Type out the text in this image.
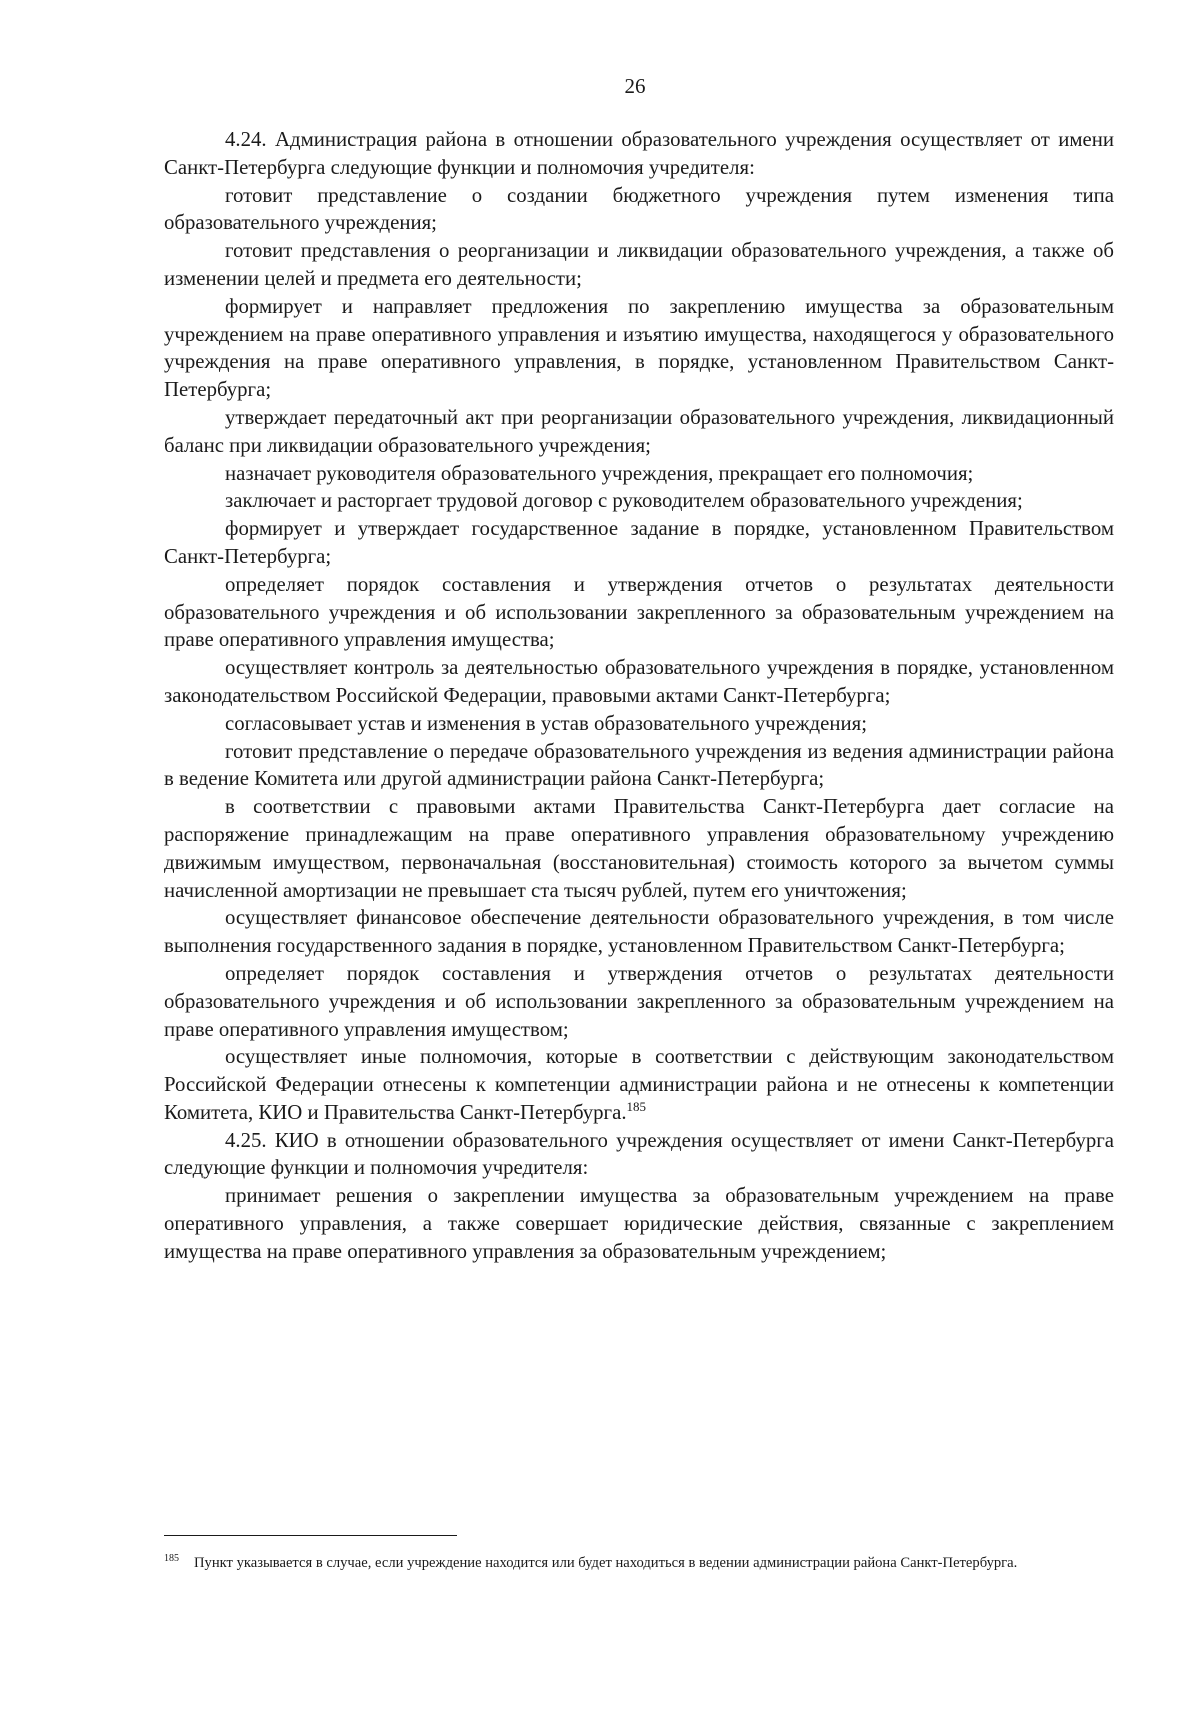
26

4.24. Администрация района в отношении образовательного учреждения осуществляет от имени Санкт-Петербурга следующие функции и полномочия учредителя:

готовит представление о создании бюджетного учреждения путем изменения типа образовательного учреждения;

готовит представления о реорганизации и ликвидации образовательного учреждения, а также об изменении целей и предмета его деятельности;

формирует и направляет предложения по закреплению имущества за образовательным учреждением на праве оперативного управления и изъятию имущества, находящегося у образовательного учреждения на праве оперативного управления, в порядке, установленном Правительством Санкт-Петербурга;

утверждает передаточный акт при реорганизации образовательного учреждения, ликвидационный баланс при ликвидации образовательного учреждения;

назначает руководителя образовательного учреждения, прекращает его полномочия;

заключает и расторгает трудовой договор с руководителем образовательного учреждения;

формирует и утверждает государственное задание в порядке, установленном Правительством Санкт-Петербурга;

определяет порядок составления и утверждения отчетов о результатах деятельности образовательного учреждения и об использовании закрепленного за образовательным учреждением на праве оперативного управления имущества;

осуществляет контроль за деятельностью образовательного учреждения в порядке, установленном законодательством Российской Федерации, правовыми актами Санкт-Петербурга;

согласовывает устав и изменения в устав образовательного учреждения;

готовит представление о передаче образовательного учреждения из ведения администрации района в ведение Комитета или другой администрации района Санкт-Петербурга;

в соответствии с правовыми актами Правительства Санкт-Петербурга дает согласие на распоряжение принадлежащим на праве оперативного управления образовательному учреждению движимым имуществом, первоначальная (восстановительная) стоимость которого за вычетом суммы начисленной амортизации не превышает ста тысяч рублей, путем его уничтожения;

осуществляет финансовое обеспечение деятельности образовательного учреждения, в том числе выполнения государственного задания в порядке, установленном Правительством Санкт-Петербурга;

определяет порядок составления и утверждения отчетов о результатах деятельности образовательного учреждения и об использовании закрепленного за образовательным учреждением на праве оперативного управления имуществом;

осуществляет иные полномочия, которые в соответствии с действующим законодательством Российской Федерации отнесены к компетенции администрации района и не отнесены к компетенции Комитета, КИО и Правительства Санкт-Петербурга.$^{185}$

4.25. КИО в отношении образовательного учреждения осуществляет от имени Санкт-Петербурга следующие функции и полномочия учредителя:

принимает решения о закреплении имущества за образовательным учреждением на праве оперативного управления, а также совершает юридические действия, связанные с закреплением имущества на праве оперативного управления за образовательным учреждением;

185 Пункт указывается в случае, если учреждение находится или будет находиться в ведении администрации района Санкт-Петербурга.
